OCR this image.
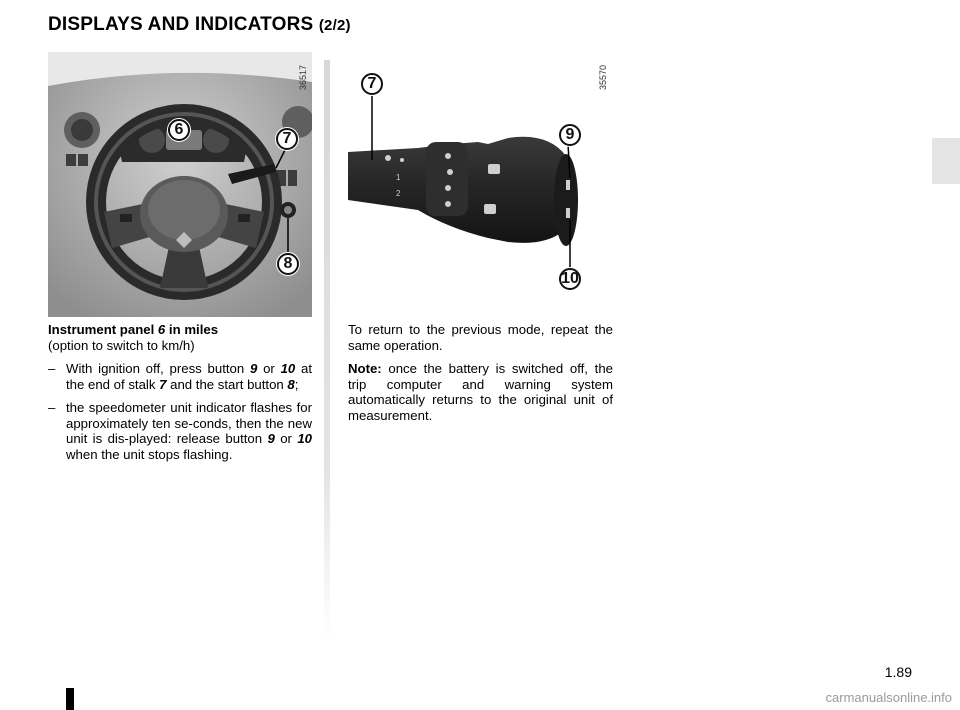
DISPLAYS AND INDICATORS (2/2)
6
7
8
36517
1
2
7
9
10
35570

Instrument panel 6 in miles
(option to switch to km/h)

– With ignition off, press button 9 or 10 at the end of stalk 7 and the start button 8;
– the speedometer unit indicator flashes for approximately ten se-conds, then the new unit is dis-played: release button 9 or 10 when the unit stops flashing.

To return to the previous mode, repeat the same operation.

Note: once the battery is switched off, the trip computer and warning system automatically returns to the original unit of measurement.

1.89
carmanualsonline.info
